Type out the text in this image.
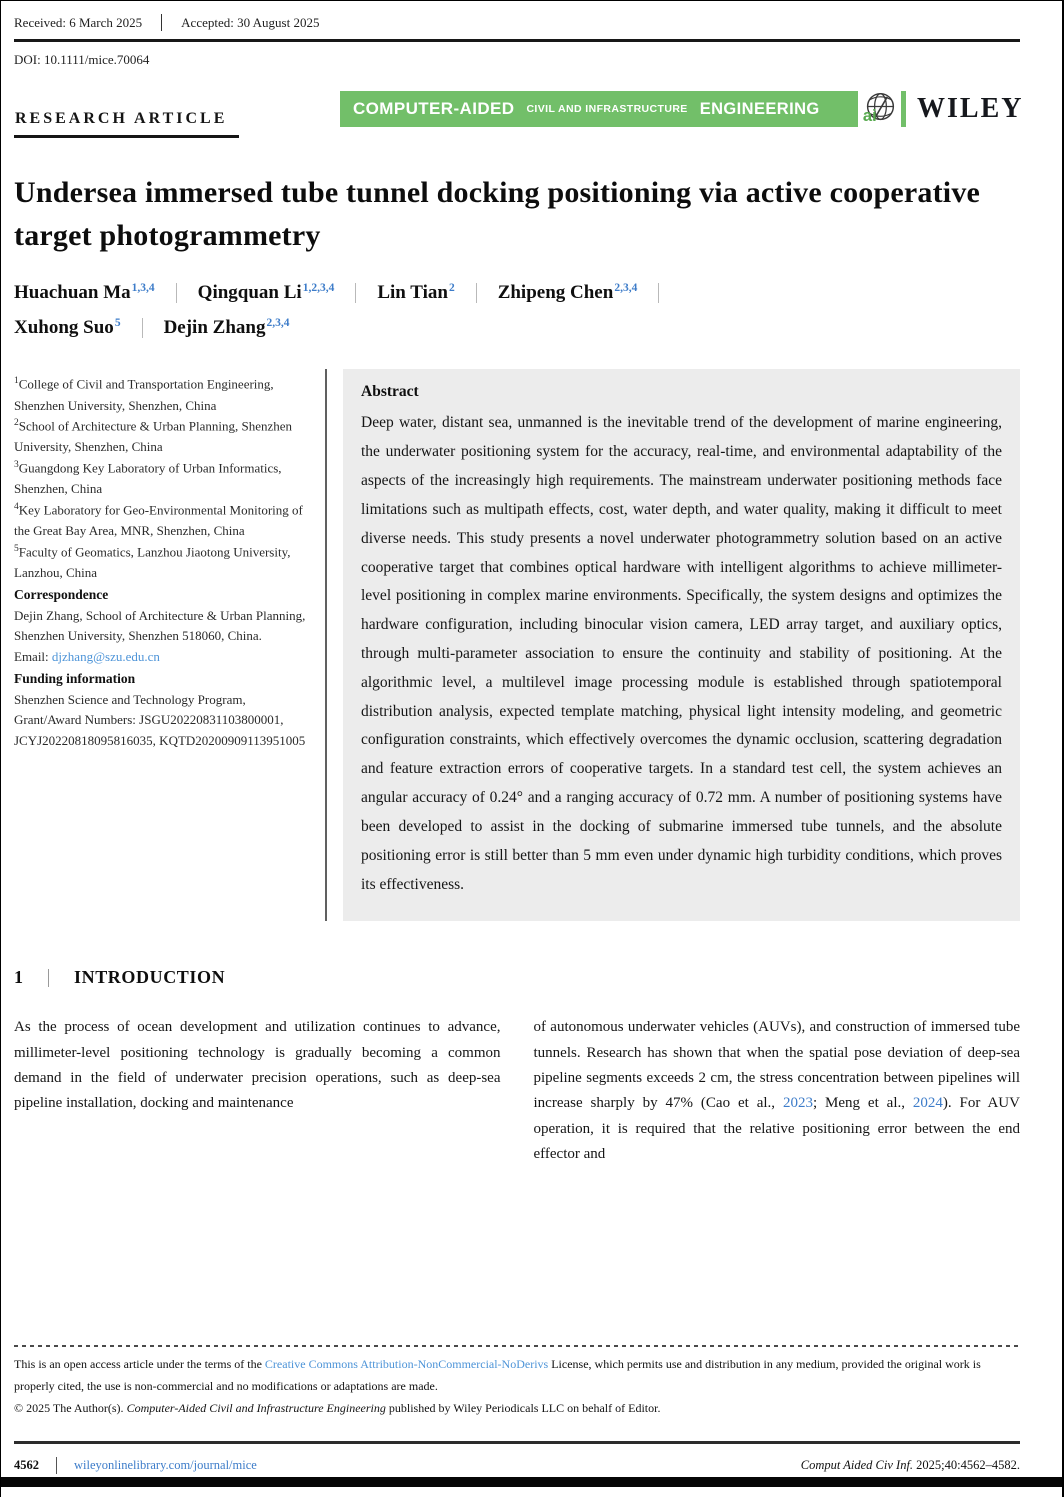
Received: 6 March 2025	Accepted: 30 August 2025
DOI: 10.1111/mice.70064
RESEARCH ARTICLE
COMPUTER-AIDED CIVIL AND INFRASTRUCTURE ENGINEERING	ai WILEY
Undersea immersed tube tunnel docking positioning via active cooperative target photogrammetry
Huachuan Ma$^{1,3,4}$ Qingquan Li$^{1,2,3,4}$ Lin Tian$^2$ Zhipeng Chen$^{2,3,4}$
Xuhong Suo$^5$ Dejin Zhang$^{2,3,4}$

$^1$College of Civil and Transportation Engineering, Shenzhen University, Shenzhen, China

$^2$School of Architecture & Urban Planning, Shenzhen University, Shenzhen, China

$^3$Guangdong Key Laboratory of Urban Informatics, Shenzhen, China

$^4$Key Laboratory for Geo-Environmental Monitoring of the Great Bay Area, MNR, Shenzhen, China

$^5$Faculty of Geomatics, Lanzhou Jiaotong University, Lanzhou, China

Correspondence

Dejin Zhang, School of Architecture & Urban Planning, Shenzhen University, Shenzhen 518060, China.

Email: djzhang@szu.edu.cn

Funding information

Shenzhen Science and Technology Program, Grant/Award Numbers: JSGU20220831103800001, JCYJ20220818095816035, KQTD20200909113951005

Abstract

Deep water, distant sea, unmanned is the inevitable trend of the development of marine engineering, the underwater positioning system for the accuracy, real-time, and environmental adaptability of the aspects of the increasingly high requirements. The mainstream underwater positioning methods face limitations such as multipath effects, cost, water depth, and water quality, making it difficult to meet diverse needs. This study presents a novel underwater photogrammetry solution based on an active cooperative target that combines optical hardware with intelligent algorithms to achieve millimeter-level positioning in complex marine environments. Specifically, the system designs and optimizes the hardware configuration, including binocular vision camera, LED array target, and auxiliary optics, through multi-parameter association to ensure the continuity and stability of positioning. At the algorithmic level, a multilevel image processing module is established through spatiotemporal distribution analysis, expected template matching, physical light intensity modeling, and geometric configuration constraints, which effectively overcomes the dynamic occlusion, scattering degradation and feature extraction errors of cooperative targets. In a standard test cell, the system achieves an angular accuracy of 0.24° and a ranging accuracy of 0.72 mm. A number of positioning systems have been developed to assist in the docking of submarine immersed tube tunnels, and the absolute positioning error is still better than 5 mm even under dynamic high turbidity conditions, which proves its effectiveness.

1	INTRODUCTION
As the process of ocean development and utilization continues to advance, millimeter-level positioning technology is gradually becoming a common demand in the field of underwater precision operations, such as deep-sea pipeline installation, docking and maintenance
of autonomous underwater vehicles (AUVs), and construction of immersed tube tunnels. Research has shown that when the spatial pose deviation of deep-sea pipeline segments exceeds 2 cm, the stress concentration between pipelines will increase sharply by 47% (Cao et al., 2023; Meng et al., 2024). For AUV operation, it is required that the relative positioning error between the end effector and
This is an open access article under the terms of the Creative Commons Attribution-NonCommercial-NoDerivs License, which permits use and distribution in any medium, provided the original work is properly cited, the use is non-commercial and no modifications or adaptations are made.
© 2025 The Author(s). Computer-Aided Civil and Infrastructure Engineering published by Wiley Periodicals LLC on behalf of Editor.
4562	wileyonlinelibrary.com/journal/mice	Comput Aided Civ Inf. 2025;40:4562–4582.
